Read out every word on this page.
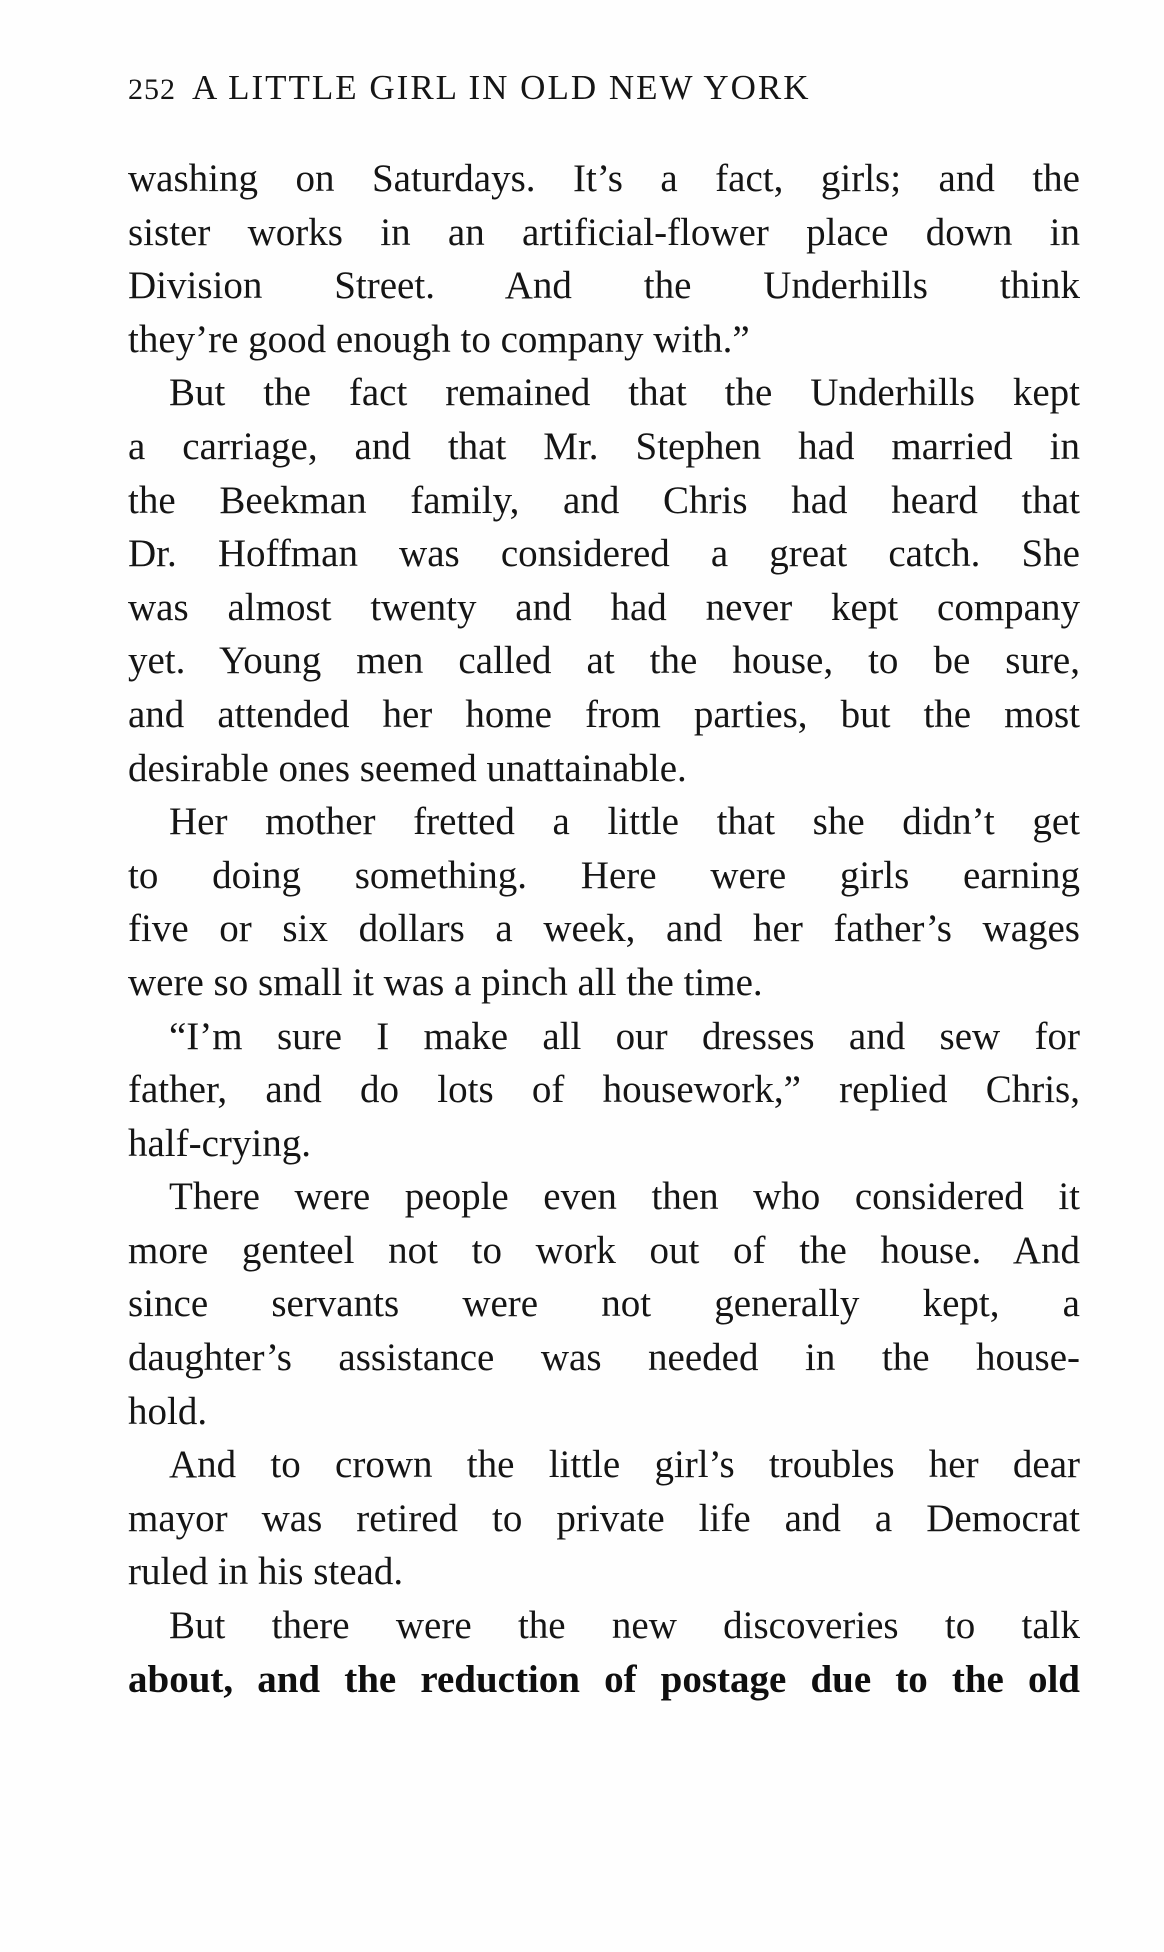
252 A LITTLE GIRL IN OLD NEW YORK
washing on Saturdays. It’s a fact, girls; and the
sister works in an artificial-flower place down in
Division Street. And the Underhills think
they’re good enough to company with.”
But the fact remained that the Underhills kept
a carriage, and that Mr. Stephen had married in
the Beekman family, and Chris had heard that
Dr. Hoffman was considered a great catch. She
was almost twenty and had never kept company
yet. Young men called at the house, to be sure,
and attended her home from parties, but the most
desirable ones seemed unattainable.
Her mother fretted a little that she didn’t get
to doing something. Here were girls earning
five or six dollars a week, and her father’s wages
were so small it was a pinch all the time.
“I’m sure I make all our dresses and sew for
father, and do lots of housework,” replied Chris,
half-crying.
There were people even then who considered it
more genteel not to work out of the house. And
since servants were not generally kept, a
daughter’s assistance was needed in the house-
hold.
And to crown the little girl’s troubles her dear
mayor was retired to private life and a Democrat
ruled in his stead.
But there were the new discoveries to talk
about, and the reduction of postage due to the old
